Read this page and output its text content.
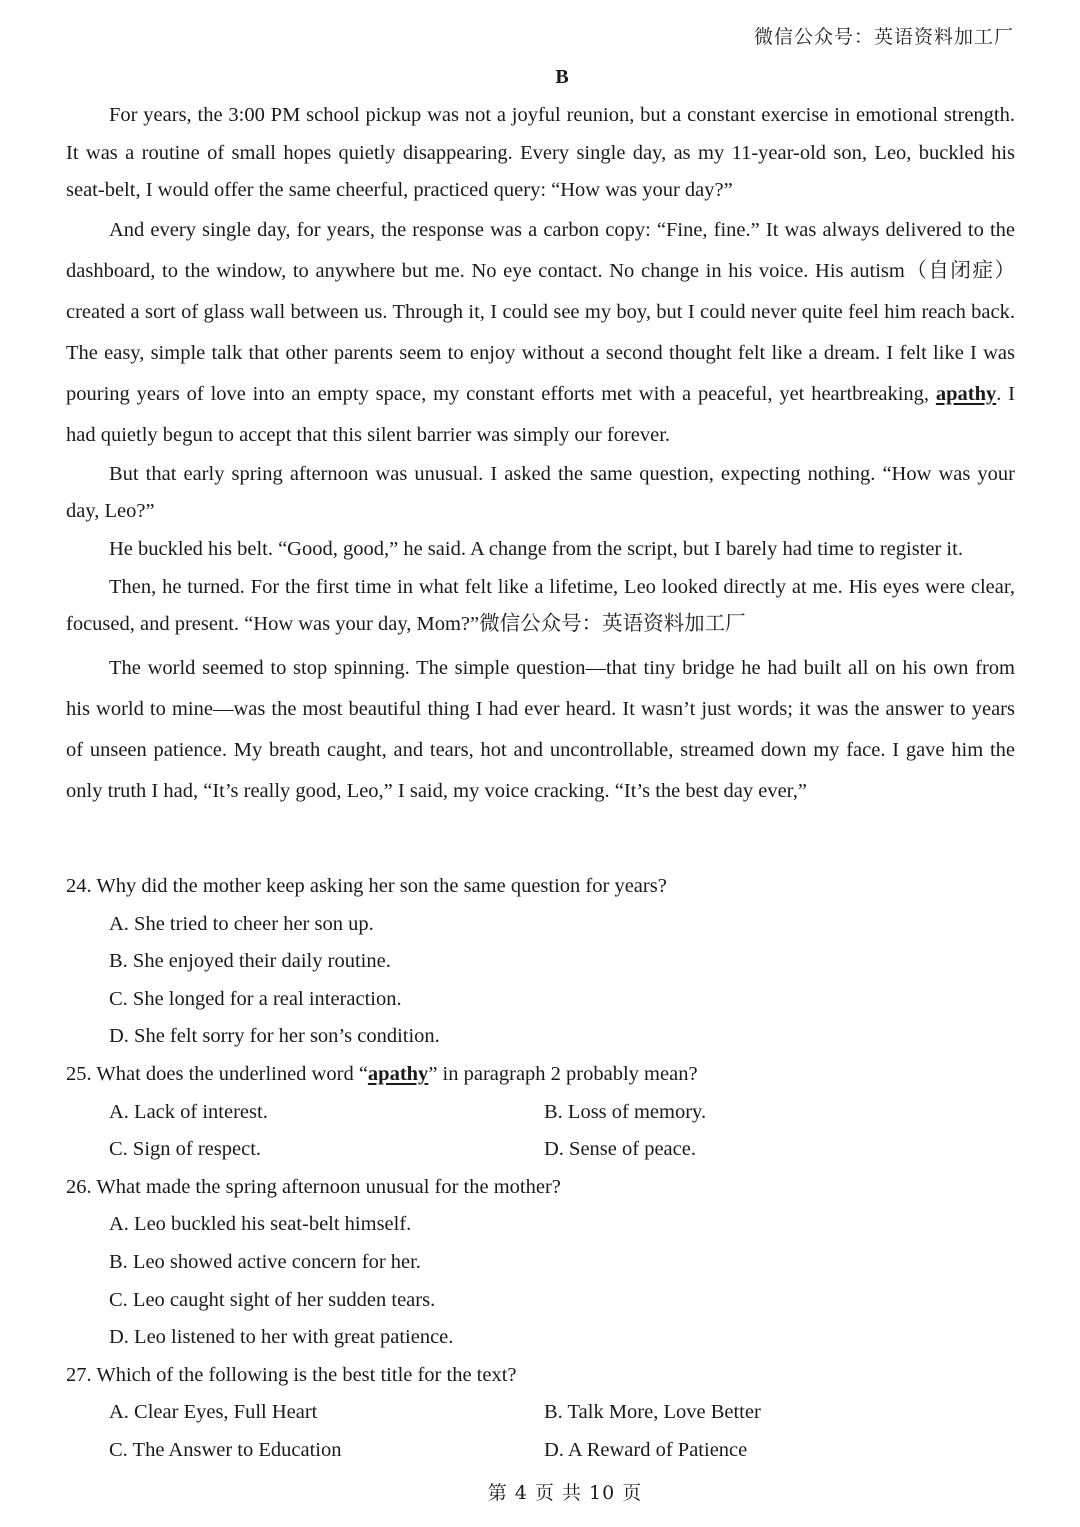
微信公众号：英语资料加工厂
B

For years, the 3:00 PM school pickup was not a joyful reunion, but a constant exercise in emotional strength. It was a routine of small hopes quietly disappearing. Every single day, as my 11-year-old son, Leo, buckled his seat-belt, I would offer the same cheerful, practiced query: “How was your day?”

And every single day, for years, the response was a carbon copy: “Fine, fine.” It was always delivered to the dashboard, to the window, to anywhere but me. No eye contact. No change in his voice. His autism（自闭症）created a sort of glass wall between us. Through it, I could see my boy, but I could never quite feel him reach back. The easy, simple talk that other parents seem to enjoy without a second thought felt like a dream. I felt like I was pouring years of love into an empty space, my constant efforts met with a peaceful, yet heartbreaking, apathy. I had quietly begun to accept that this silent barrier was simply our forever.

But that early spring afternoon was unusual. I asked the same question, expecting nothing. “How was your day, Leo?”

He buckled his belt. “Good, good,” he said. A change from the script, but I barely had time to register it.

Then, he turned. For the first time in what felt like a lifetime, Leo looked directly at me. His eyes were clear, focused, and present. “How was your day, Mom?”微信公众号：英语资料加工厂

The world seemed to stop spinning. The simple question—that tiny bridge he had built all on his own from his world to mine—was the most beautiful thing I had ever heard. It wasn’t just words; it was the answer to years of unseen patience. My breath caught, and tears, hot and uncontrollable, streamed down my face. I gave him the only truth I had, “It’s really good, Leo,” I said, my voice cracking. “It’s the best day ever,”

24. Why did the mother keep asking her son the same question for years?

A. She tried to cheer her son up.

B. She enjoyed their daily routine.

C. She longed for a real interaction.

D. She felt sorry for her son’s condition.

25. What does the underlined word “apathy” in paragraph 2 probably mean?

A. Lack of interest.	B. Loss of memory.
C. Sign of respect.	D. Sense of peace.

26. What made the spring afternoon unusual for the mother?

A. Leo buckled his seat-belt himself.

B. Leo showed active concern for her.

C. Leo caught sight of her sudden tears.

D. Leo listened to her with great patience.

27. Which of the following is the best title for the text?

A. Clear Eyes, Full Heart	B. Talk More, Love Better
C. The Answer to Education	D. A Reward of Patience
第 4 页 共 10 页
